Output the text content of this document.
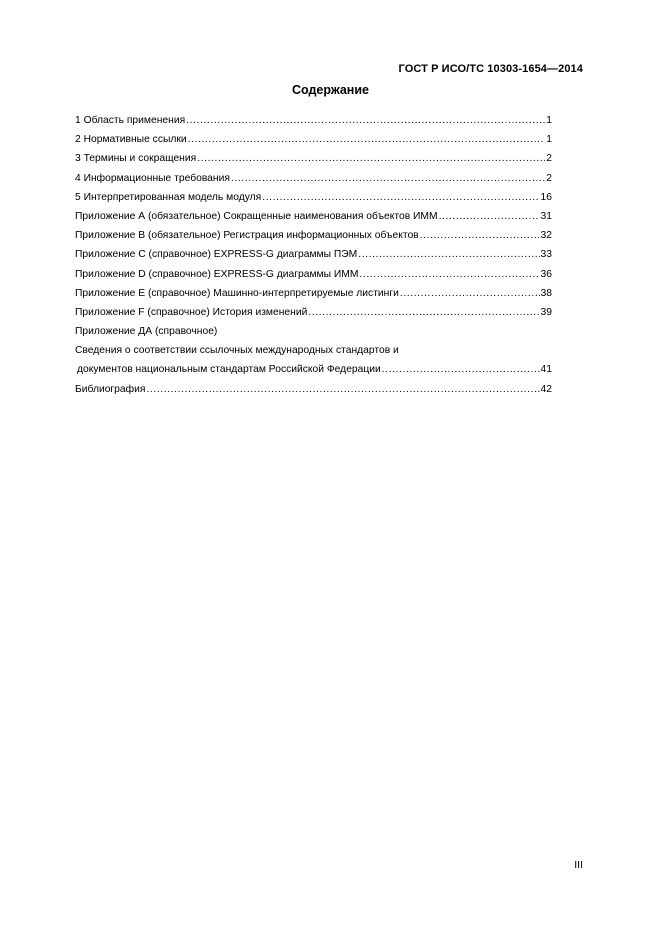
ГОСТ Р ИСО/ТС 10303-1654—2014
Содержание
1 Область применения .....	1
2 Нормативные ссылки .....	1
3 Термины и сокращения .....	2
4 Информационные требования .....	2
5 Интерпретированная модель модуля .....	16
Приложение А (обязательное) Сокращенные наименования объектов ИММ .....	31
Приложение В (обязательное) Регистрация информационных объектов .....	32
Приложение С (справочное) EXPRESS-G диаграммы ПЭМ .....	33
Приложение D (справочное) EXPRESS-G диаграммы ИММ .....	36
Приложение E (справочное) Машинно-интерпретируемые листинги .....	38
Приложение F (справочное) История изменений .....	39
Приложение ДА (справочное)
Сведения о соответствии ссылочных международных стандартов и
документов национальным стандартам Российской Федерации .....	41
Библиография .....	42
III
